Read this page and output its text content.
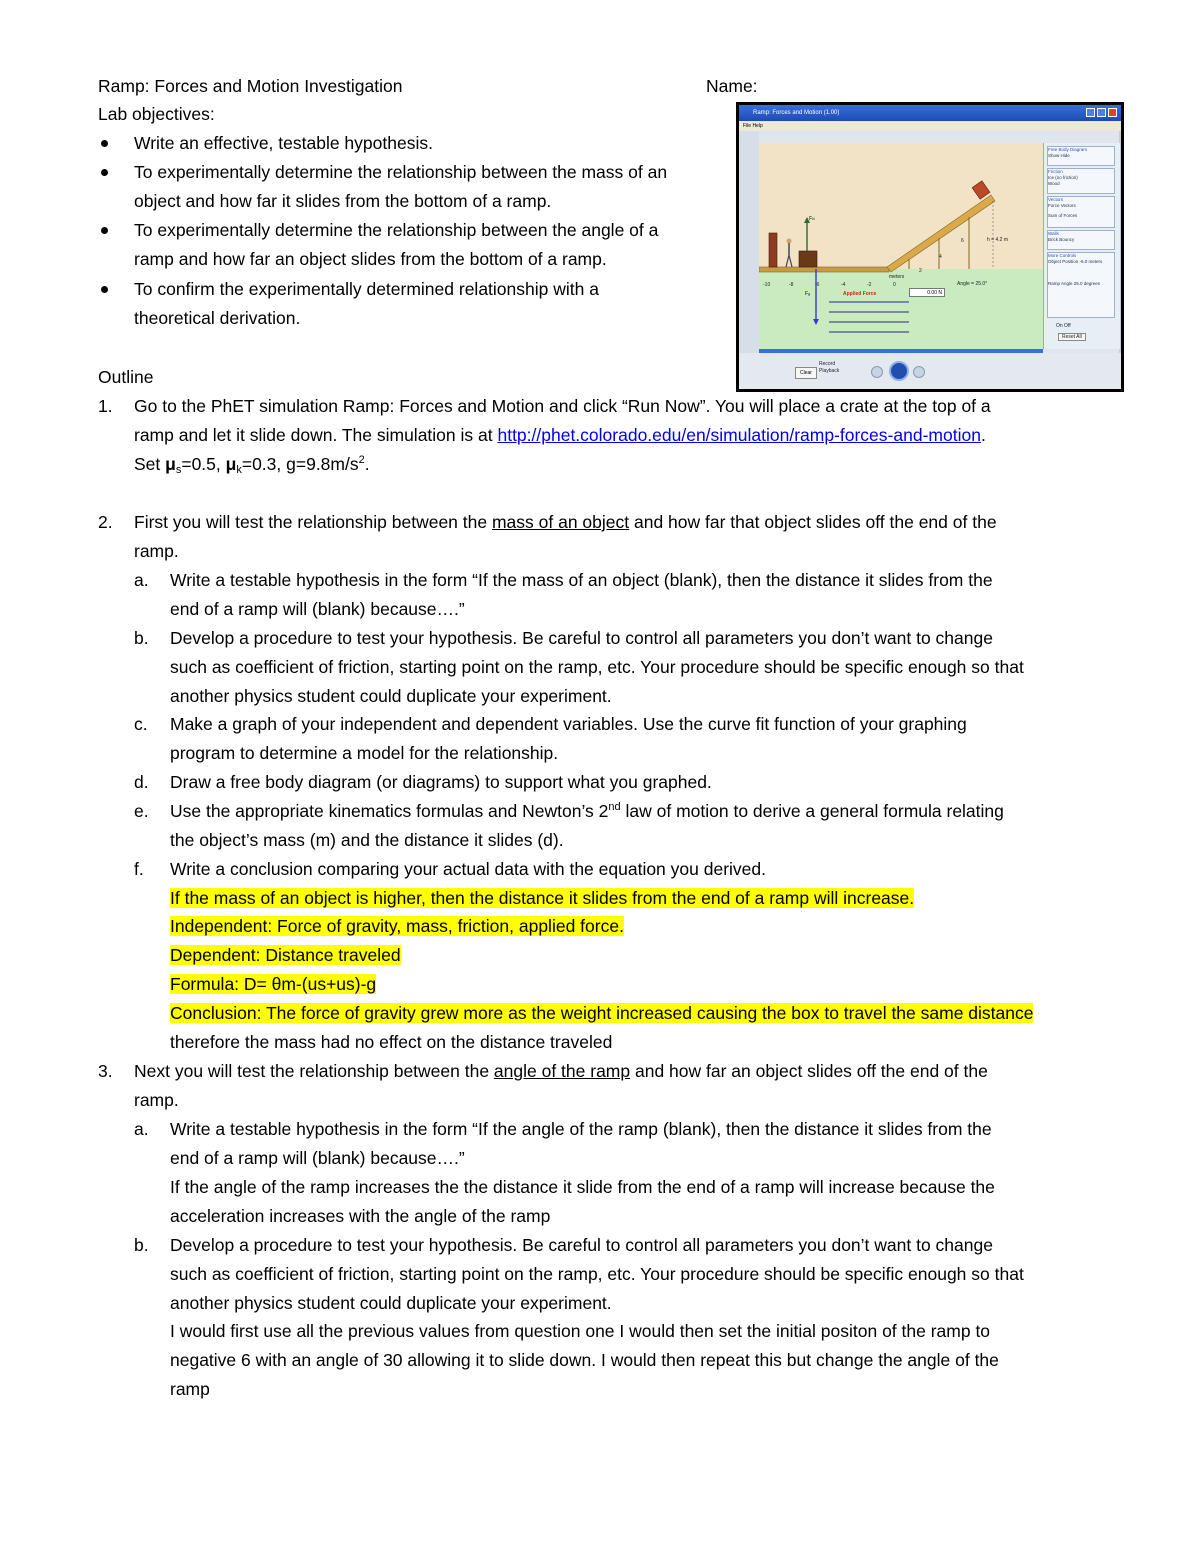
Ramp: Forces and Motion Investigation	Name:
Lab objectives:
Write an effective, testable hypothesis.
To experimentally determine the relationship between the mass of an
object and how far it slides from the bottom of a ramp.
To experimentally determine the relationship between the angle of a
ramp and how far an object slides from the bottom of a ramp.
To confirm the experimentally determined relationship with a
theoretical derivation.
Ramp: Forces and Motion (1.00)
File Help
FN
Fg
h = 4.2 m
Angle = 25.0°
Applied Force	0.00 N
meters
-10	-8	-6	-4	-2	0
2
4
6
Free Body Diagram
Show Hide
Friction
Ice (no friction)
Wood
Vectors
Force Vectors
Sum of Forces
Walls
Brick Bouncy
More Controls
Object Position -6.0 meters
Ramp Angle 25.0 degrees
On Off
Reset All
Clear
Record
Playback
Outline
1. Go to the PhET simulation Ramp: Forces and Motion and click “Run Now”. You will place a crate at the top of a
ramp and let it slide down. The simulation is at http://phet.colorado.edu/en/simulation/ramp-forces-and-motion.
Set $\mu_s=0.5$, $\mu_k=0.3$, $g=9.8m/s^2$.
2. First you will test the relationship between the mass of an object and how far that object slides off the end of the
ramp.
a. Write a testable hypothesis in the form “If the mass of an object (blank), then the distance it slides from the
end of a ramp will (blank) because….”
b. Develop a procedure to test your hypothesis. Be careful to control all parameters you don’t want to change
such as coefficient of friction, starting point on the ramp, etc. Your procedure should be specific enough so that
another physics student could duplicate your experiment.
c. Make a graph of your independent and dependent variables. Use the curve fit function of your graphing
program to determine a model for the relationship.
d. Draw a free body diagram (or diagrams) to support what you graphed.
e. Use the appropriate kinematics formulas and Newton’s 2nd law of motion to derive a general formula relating
the object’s mass (m) and the distance it slides (d).
f. Write a conclusion comparing your actual data with the equation you derived.
If the mass of an object is higher, then the distance it slides from the end of a ramp will increase.
Independent: Force of gravity, mass, friction, applied force.
Dependent: Distance traveled
Formula: D= θm-(us+us)-g
Conclusion: The force of gravity grew more as the weight increased causing the box to travel the same distance
therefore the mass had no effect on the distance traveled
3. Next you will test the relationship between the angle of the ramp and how far an object slides off the end of the
ramp.
a. Write a testable hypothesis in the form “If the angle of the ramp (blank), then the distance it slides from the
end of a ramp will (blank) because….”
If the angle of the ramp increases the the distance it slide from the end of a ramp will increase because the
acceleration increases with the angle of the ramp
b. Develop a procedure to test your hypothesis. Be careful to control all parameters you don’t want to change
such as coefficient of friction, starting point on the ramp, etc. Your procedure should be specific enough so that
another physics student could duplicate your experiment.
I would first use all the previous values from question one I would then set the initial positon of the ramp to
negative 6 with an angle of 30 allowing it to slide down. I would then repeat this but change the angle of the
ramp
